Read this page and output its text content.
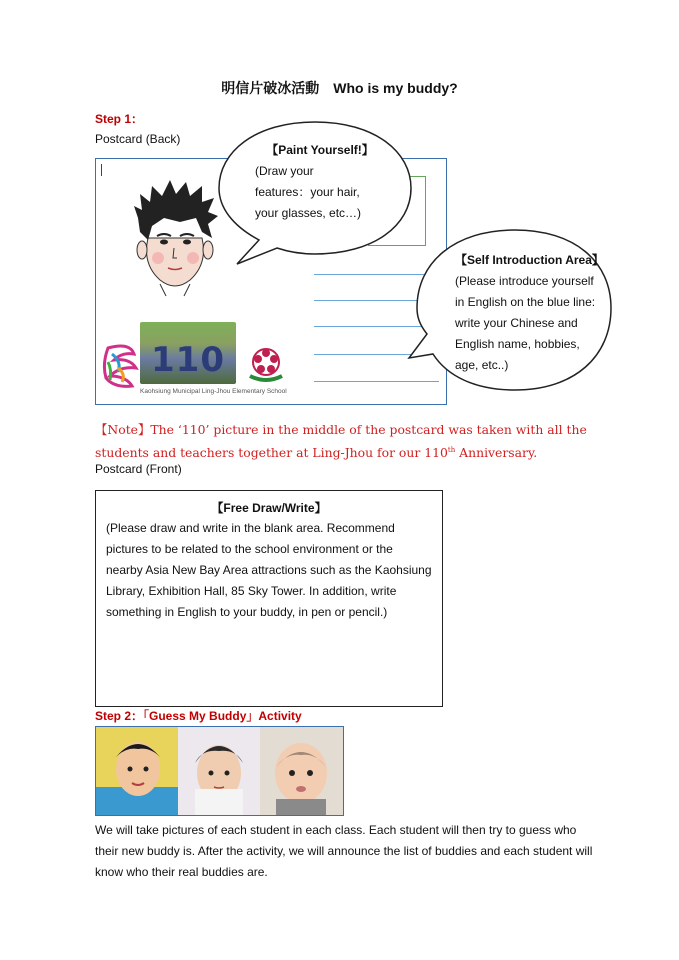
明信片破冰活動 Who is my buddy?
Step 1：
Postcard (Back)
110
Kaohsiung Municipal Ling-Jhou Elementary School
【Paint Yourself!】
(Draw your
features：your hair,
your glasses, etc…)
【Self Introduction Area】
(Please introduce yourself
in English on the blue line:
write your Chinese and
English name, hobbies,
age, etc..)
【Note】The ‘110’ picture in the middle of the postcard was taken with all the students and teachers together at Ling-Jhou for our 110th Anniversary.
Postcard (Front)
【Free Draw/Write】
(Please draw and write in the blank area. Recommend pictures to be related to the school environment or the nearby Asia New Bay Area attractions such as the Kaohsiung Library, Exhibition Hall, 85 Sky Tower. In addition, write something in English to your buddy, in pen or pencil.)
Step 2：「Guess My Buddy」Activity
We will take pictures of each student in each class. Each student will then try to guess who their new buddy is. After the activity, we will announce the list of buddies and each student will know who their real buddies are.
